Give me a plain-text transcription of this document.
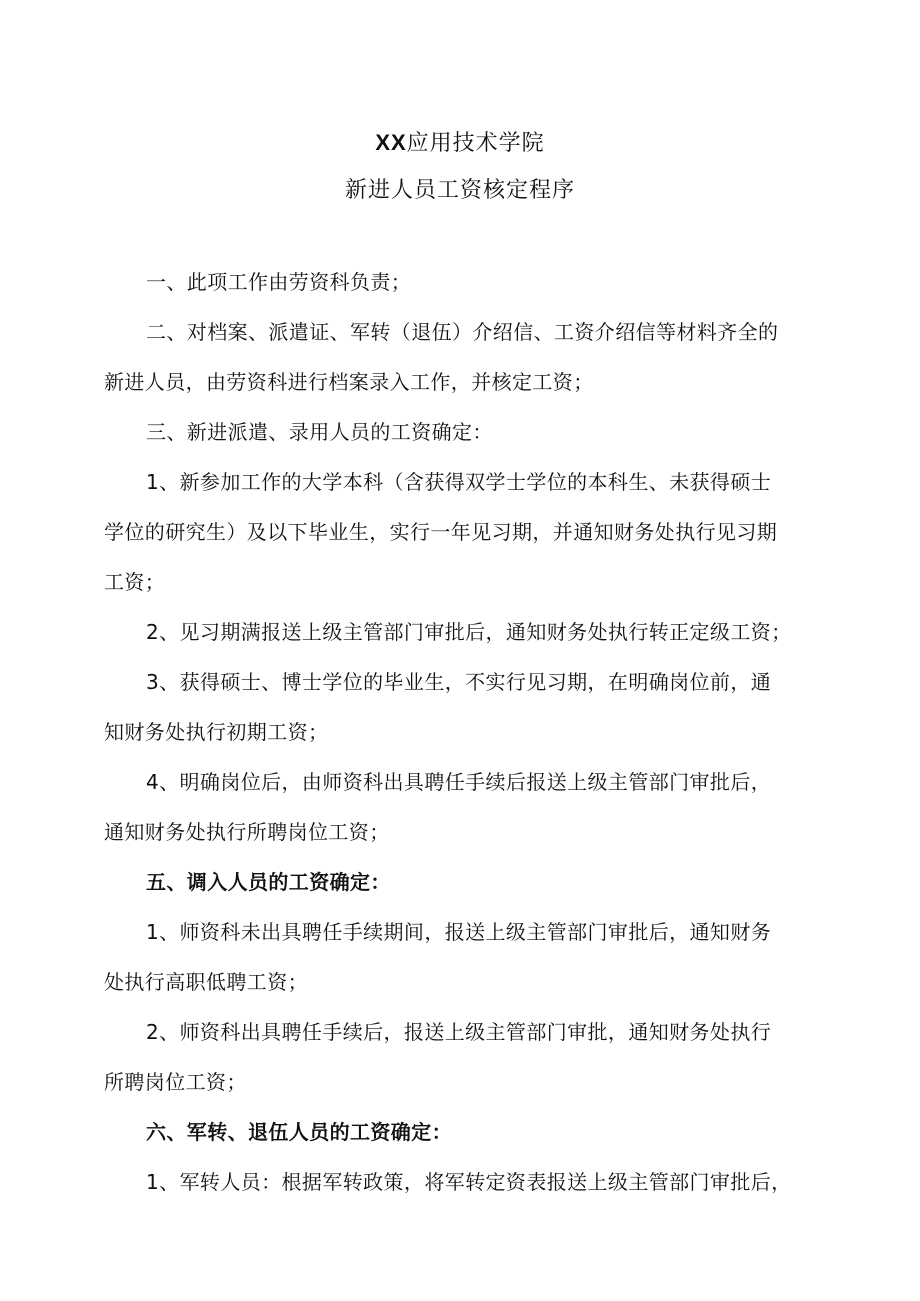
XX应用技术学院
新进人员工资核定程序
一、此项工作由劳资科负责；
二、对档案、派遣证、军转（退伍）介绍信、工资介绍信等材料齐全的
新进人员，由劳资科进行档案录入工作，并核定工资；
三、新进派遣、录用人员的工资确定：
1、新参加工作的大学本科（含获得双学士学位的本科生、未获得硕士
学位的研究生）及以下毕业生，实行一年见习期，并通知财务处执行见习期
工资；
2、见习期满报送上级主管部门审批后，通知财务处执行转正定级工资；
3、获得硕士、博士学位的毕业生，不实行见习期，在明确岗位前，通
知财务处执行初期工资；
4、明确岗位后，由师资科出具聘任手续后报送上级主管部门审批后，
通知财务处执行所聘岗位工资；
五、调入人员的工资确定：
1、师资科未出具聘任手续期间，报送上级主管部门审批后，通知财务
处执行高职低聘工资；
2、师资科出具聘任手续后，报送上级主管部门审批，通知财务处执行
所聘岗位工资；
六、军转、退伍人员的工资确定：
1、军转人员：根据军转政策，将军转定资表报送上级主管部门审批后，
